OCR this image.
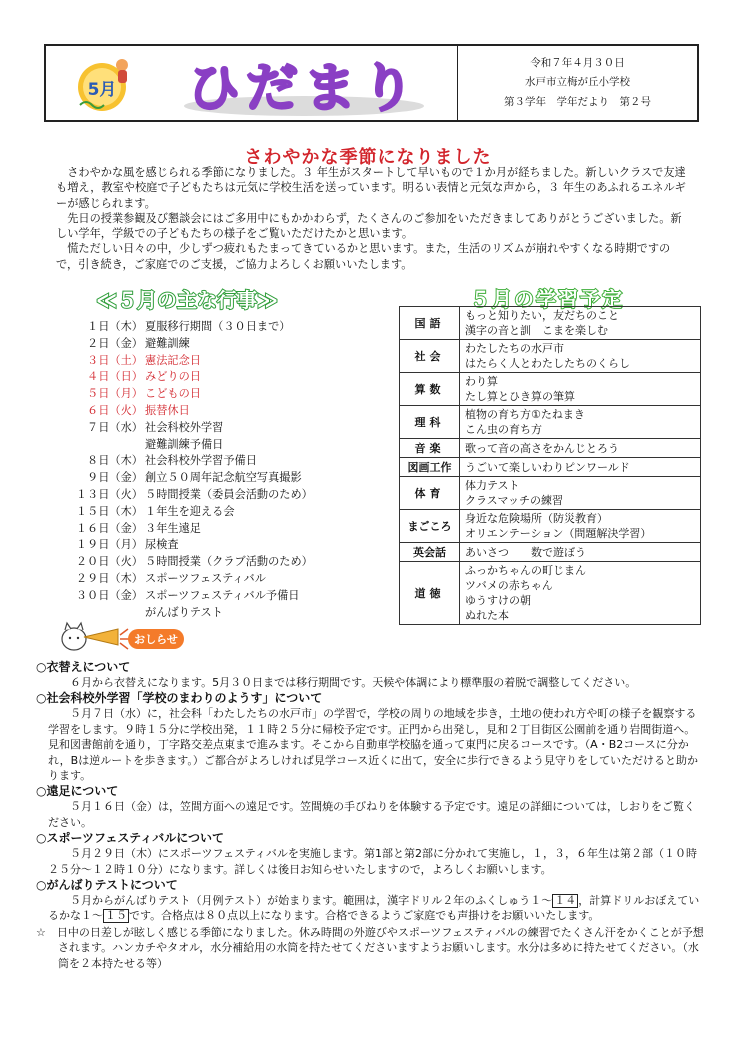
5月 ひだまり	令和７年４月３０日
水戸市立梅が丘小学校
第３学年　学年だより　第２号
さわやかな季節になりました

さわやかな風を感じられる季節になりました。３ 年生がスタートして早いもので１か月が経ちました。新しいクラスで友達も増え，教室や校庭で子どもたちは元気に学校生活を送っています。明るい表情と元気な声から，３ 年生のあふれるエネルギーが感じられます。

先日の授業参観及び懇談会にはご多用中にもかかわらず，たくさんのご参加をいただきましてありがとうございました。新しい学年，学級での子どもたちの様子をご覧いただけたかと思います。

慌ただしい日々の中，少しずつ疲れもたまってきているかと思います。また，生活のリズムが崩れやすくなる時期ですので，引き続き，ご家庭でのご支援，ご協力よろしくお願いいたします。

≪５月の主な行事≫
１日（木） 夏服移行期間（３０日まで）
２日（金） 避難訓練
３日（土） 憲法記念日
４日（日） みどりの日
５日（月） こどもの日
６日（火） 振替休日
７日（水） 社会科校外学習
避難訓練予備日
８日（木） 社会科校外学習予備日
９日（金） 創立５０周年記念航空写真撮影
１３日（火） ５時間授業（委員会活動のため）
１５日（木） １年生を迎える会
１６日（金） ３年生遠足
１９日（月） 尿検査
２０日（火） ５時間授業（クラブ活動のため）
２９日（木） スポーツフェスティバル
３０日（金） スポーツフェスティバル予備日
がんばりテスト
５月の学習予定
国語	もっと知りたい，友だちのこと
漢字の音と訓　こまを楽しむ

社会	わたしたちの水戸市
はたらく人とわたしたちのくらし

算数	わり算
たし算とひき算の筆算

理科	植物の育ち方①たねまき
こん虫の育ち方

音楽	歌って音の高さをかんじとろう

図画工作	うごいて楽しいわりピンワールド

体育	体力テスト
クラスマッチの練習

まごころ	身近な危険場所（防災教育）
オリエンテーション（問題解決学習）

英会話	あいさつ　　数で遊ぼう

道徳	ふっかちゃんの町じまん
ツバメの赤ちゃん
ゆうすけの朝
ぬれた本
おしらせ
○衣替えについて
６月から衣替えになります。5月３０日までは移行期間です。天候や体調により標準服の着脱で調整してください。
○社会科校外学習「学校のまわりのようす」について
５月７日（水）に，社会科「わたしたちの水戸市」の学習で，学校の周りの地域を歩き，土地の使われ方や町の様子を観察する学習をします。９時１５分に学校出発，１１時２５分に帰校予定です。正門から出発し，見和２丁目街区公園前を通り岩間街道へ。見和図書館前を通り，丁字路交差点東まで進みます。そこから自動車学校脇を通って東門に戻るコースです。（A・B2コースに分かれ，Bは逆ルートを歩きます。）ご都合がよろしければ見学コース近くに出て，安全に歩行できるよう見守りをしていただけると助かります。
○遠足について
５月１６日（金）は，笠間方面への遠足です。笠間焼の手びねりを体験する予定です。遠足の詳細については，しおりをご覧ください。
○スポーツフェスティバルについて
５月２９日（木）にスポーツフェスティバルを実施します。第1部と第2部に分かれて実施し，１，３，６年生は第２部（１０時２５分～１２時１０分）になります。詳しくは後日お知らせいたしますので，よろしくお願いします。
○がんばりテストについて
５月からがんばりテスト（月例テスト）が始まります。範囲は，漢字ドリル２年のふくしゅう１～ １４ ，計算ドリルおぼえているかな１～ １５ です。合格点は８０点以上になります。合格できるようご家庭でも声掛けをお願いいたします。
☆　日中の日差しが眩しく感じる季節になりました。休み時間の外遊びやスポーツフェスティバルの練習でたくさん汗をかくことが予想されます。ハンカチやタオル，水分補給用の水筒を持たせてくださいますようお願いします。水分は多めに持たせてください。（水筒を２本持たせる等）
